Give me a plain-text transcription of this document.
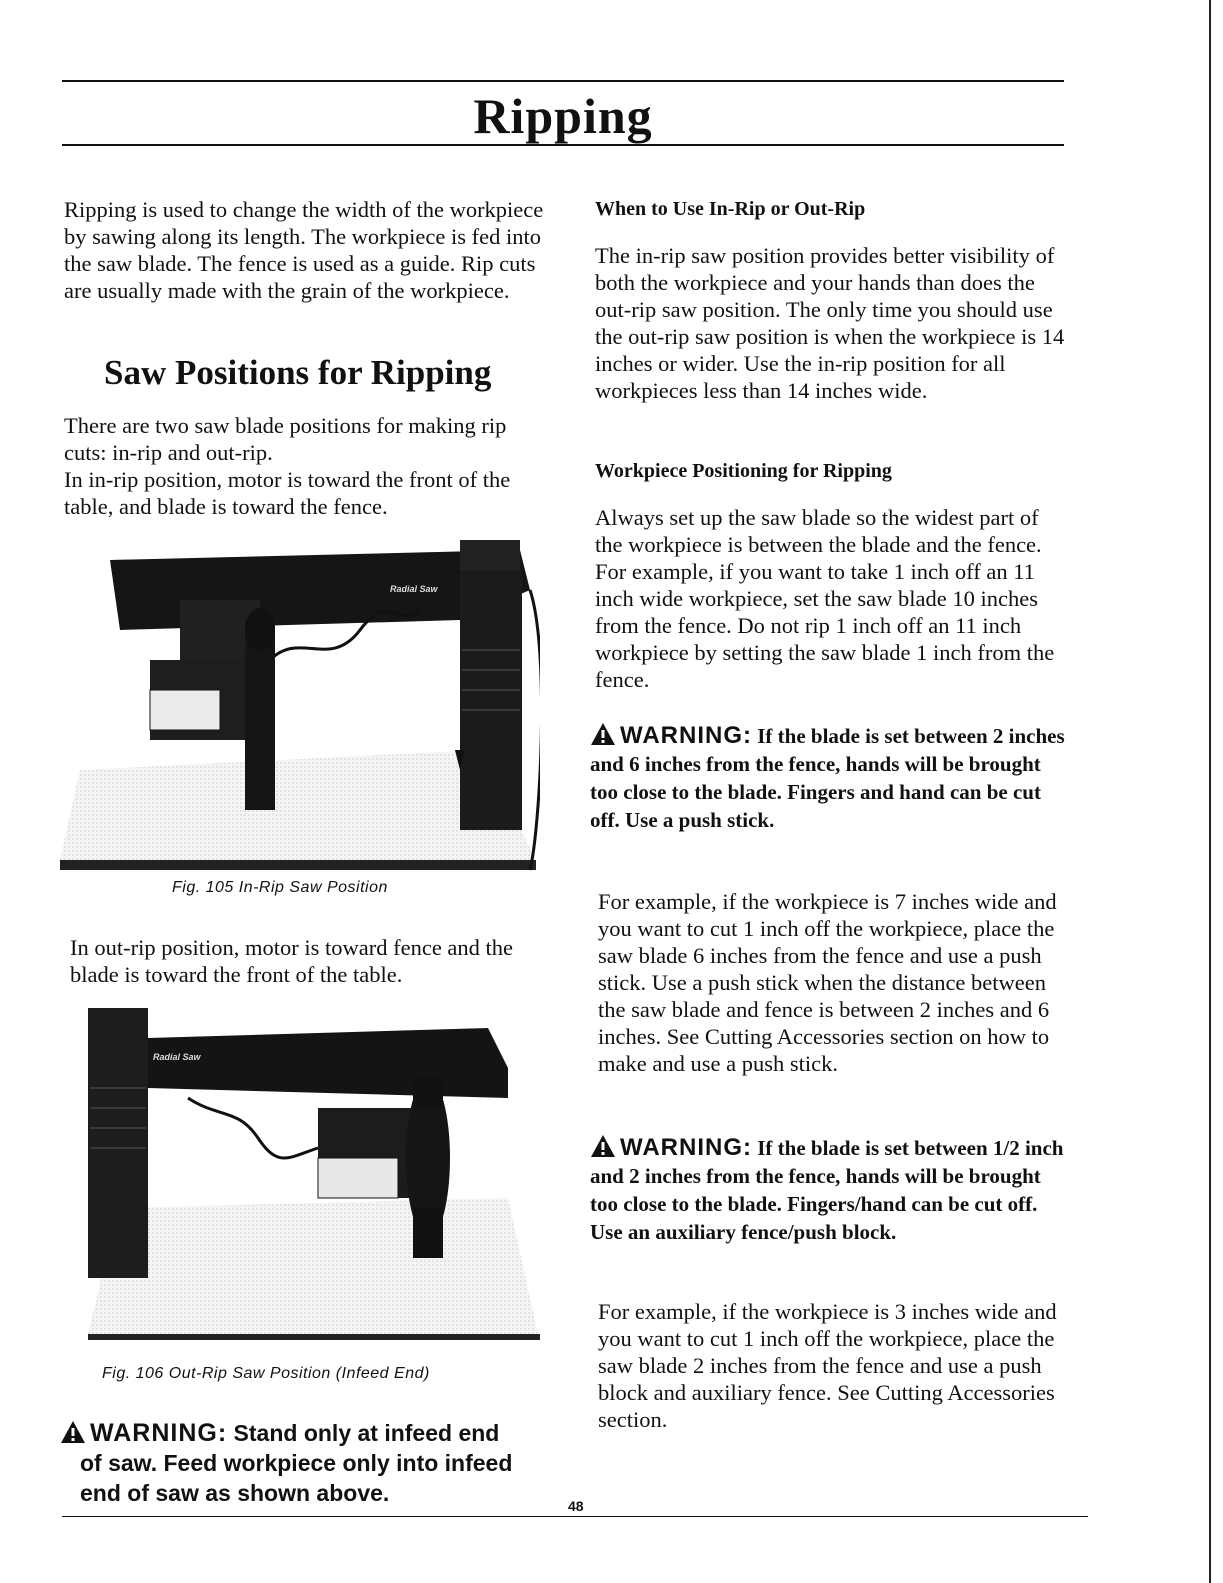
Ripping

Ripping is used to change the width of the workpiece by sawing along its length. The workpiece is fed into the saw blade. The fence is used as a guide. Rip cuts are usually made with the grain of the workpiece.

Saw Positions for Ripping

There are two saw blade positions for making rip cuts: in-rip and out-rip.

In in-rip position, motor is toward the front of the table, and blade is toward the fence.

Radial Saw

Fig. 105 In-Rip Saw Position

In out-rip position, motor is toward fence and the blade is toward the front of the table.

Radial Saw

Fig. 106 Out-Rip Saw Position (Infeed End)

WARNING: Stand only at infeed end

of saw. Feed workpiece only into infeed end of saw as shown above.

When to Use In-Rip or Out-Rip

The in-rip saw position provides better visibility of both the workpiece and your hands than does the out-rip saw position. The only time you should use the out-rip saw position is when the workpiece is 14 inches or wider. Use the in-rip position for all workpieces less than 14 inches wide.

Workpiece Positioning for Ripping

Always set up the saw blade so the widest part of the workpiece is between the blade and the fence. For example, if you want to take 1 inch off an 11 inch wide workpiece, set the saw blade 10 inches from the fence. Do not rip 1 inch off an 11 inch workpiece by setting the saw blade 1 inch from the fence.

WARNING: If the blade is set between 2 inches and 6 inches from the fence, hands will be brought too close to the blade. Fingers and hand can be cut off. Use a push stick.

For example, if the workpiece is 7 inches wide and you want to cut 1 inch off the workpiece, place the saw blade 6 inches from the fence and use a push stick. Use a push stick when the distance between the saw blade and fence is between 2 inches and 6 inches. See Cutting Accessories section on how to make and use a push stick.

WARNING: If the blade is set between 1/2 inch and 2 inches from the fence, hands will be brought too close to the blade. Fingers/hand can be cut off. Use an auxiliary fence/push block.

For example, if the workpiece is 3 inches wide and you want to cut 1 inch off the workpiece, place the saw blade 2 inches from the fence and use a push block and auxiliary fence. See Cutting Accessories section.

48
